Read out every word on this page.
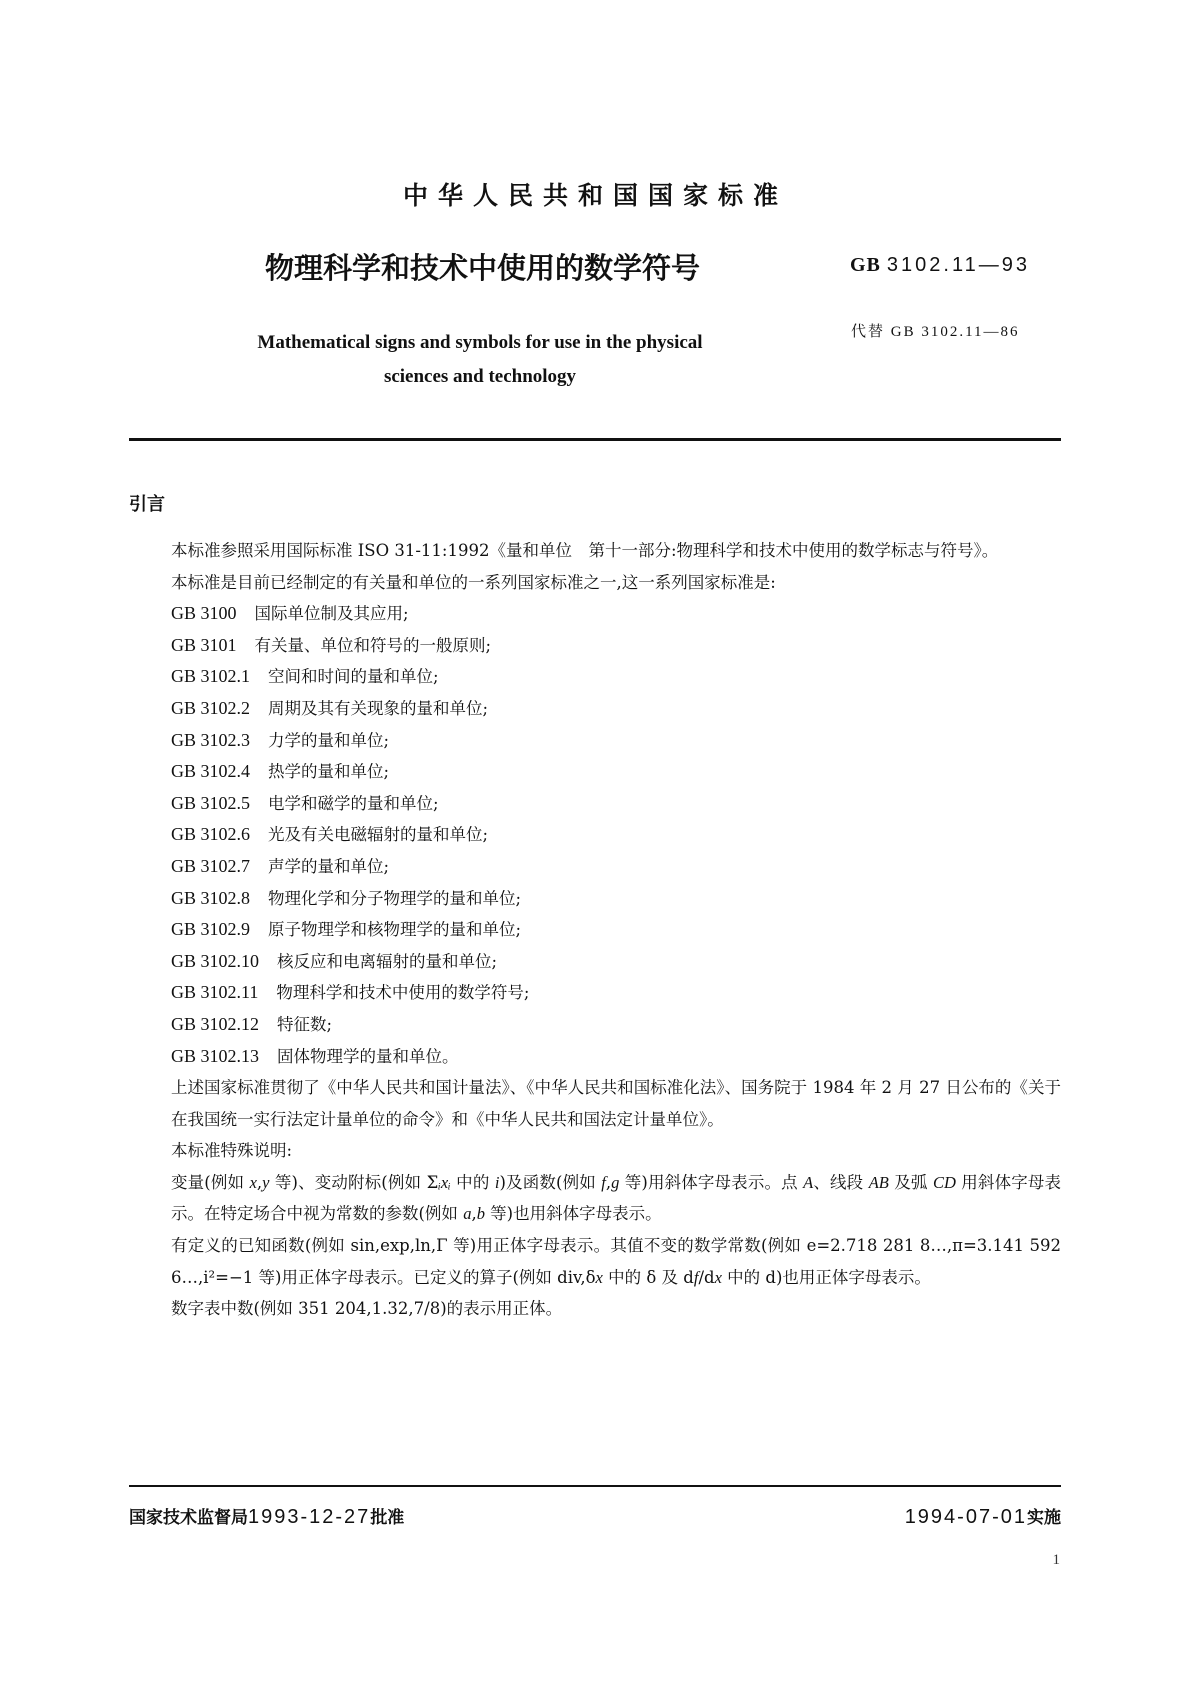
中华人民共和国国家标准
物理科学和技术中使用的数学符号
Mathematical signs and symbols for use in the physical
sciences and technology
GB 3102.11—93
代替 GB 3102.11—86
引言

本标准参照采用国际标准 ISO 31-11:1992《量和单位　第十一部分:物理科学和技术中使用的数学标志与符号》。

本标准是目前已经制定的有关量和单位的一系列国家标准之一,这一系列国家标准是:

GB 3100 国际单位制及其应用;
GB 3101 有关量、单位和符号的一般原则;
GB 3102.1 空间和时间的量和单位;
GB 3102.2 周期及其有关现象的量和单位;
GB 3102.3 力学的量和单位;
GB 3102.4 热学的量和单位;
GB 3102.5 电学和磁学的量和单位;
GB 3102.6 光及有关电磁辐射的量和单位;
GB 3102.7 声学的量和单位;
GB 3102.8 物理化学和分子物理学的量和单位;
GB 3102.9 原子物理学和核物理学的量和单位;
GB 3102.10 核反应和电离辐射的量和单位;
GB 3102.11 物理科学和技术中使用的数学符号;
GB 3102.12 特征数;
GB 3102.13 固体物理学的量和单位。

上述国家标准贯彻了《中华人民共和国计量法》、《中华人民共和国标准化法》、国务院于 1984 年 2 月 27 日公布的《关于在我国统一实行法定计量单位的命令》和《中华人民共和国法定计量单位》。

本标准特殊说明:

变量(例如 x,y 等)、变动附标(例如 Σᵢxᵢ 中的 i)及函数(例如 f,g 等)用斜体字母表示。点 A、线段 AB 及弧 CD 用斜体字母表示。在特定场合中视为常数的参数(例如 a,b 等)也用斜体字母表示。

有定义的已知函数(例如 sin,exp,ln,Γ 等)用正体字母表示。其值不变的数学常数(例如 e=2.718 281 8…,π=3.141 592 6…,i²=−1 等)用正体字母表示。已定义的算子(例如 div,δx 中的 δ 及 df/dx 中的 d)也用正体字母表示。

数字表中数(例如 351 204,1.32,7/8)的表示用正体。

国家技术监督局1993-12-27批准	1994-07-01实施
1
